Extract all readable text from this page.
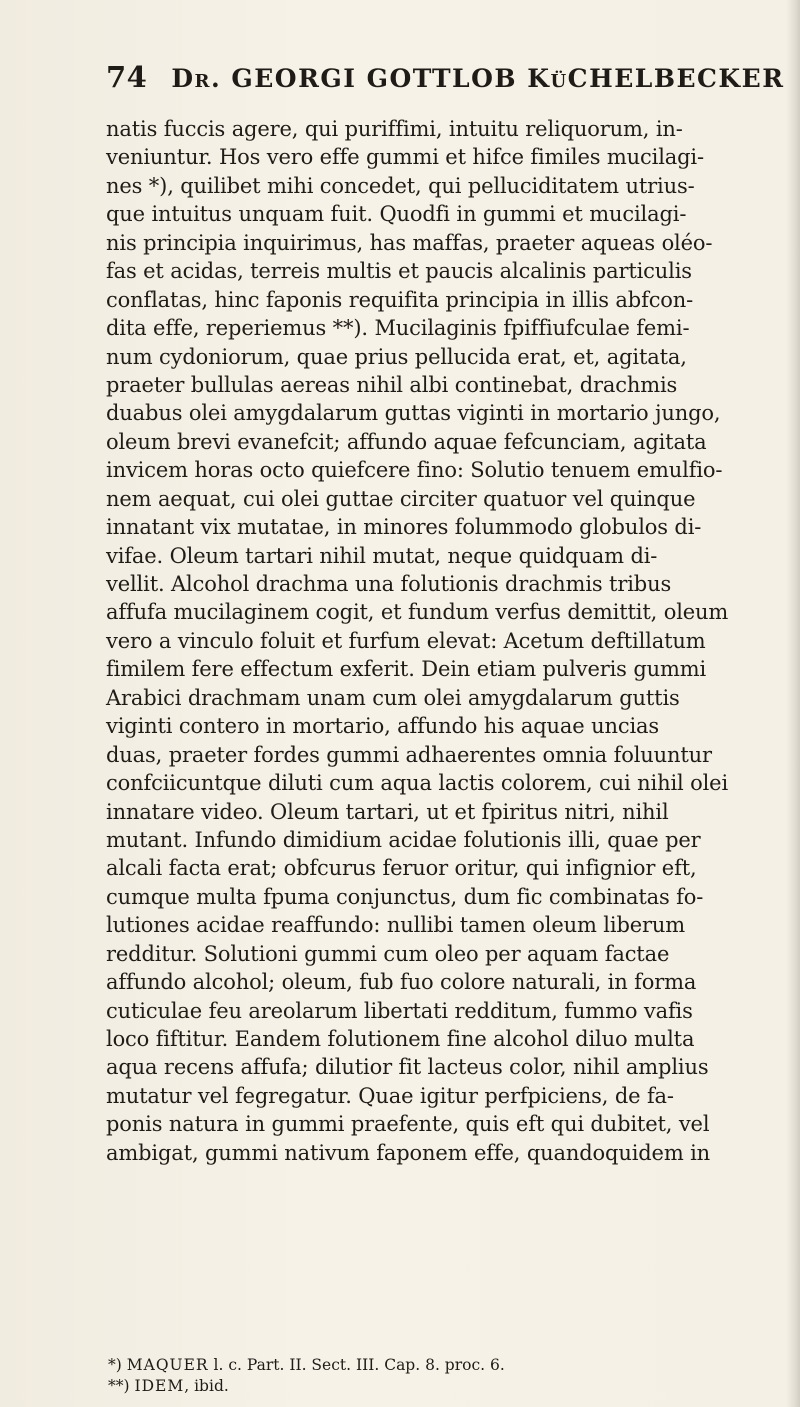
74 Dr. GEORGI GOTTLOB KüCHELBECKER
natis fuccis agere, qui puriffimi, intuitu reliquorum, in-
veniuntur. Hos vero effe gummi et hifce fimiles mucilagi-
nes *), quilibet mihi concedet, qui pelluciditatem utrius-
que intuitus unquam fuit. Quodfi in gummi et mucilagi-
nis principia inquirimus, has maffas, praeter aqueas oléo-
fas et acidas, terreis multis et paucis alcalinis particulis
conflatas, hinc faponis requifita principia in illis abfcon-
dita effe, reperiemus **). Mucilaginis fpiffiufculae femi-
num cydoniorum, quae prius pellucida erat, et, agitata,
praeter bullulas aereas nihil albi continebat, drachmis
duabus olei amygdalarum guttas viginti in mortario jungo,
oleum brevi evanefcit; affundo aquae fefcunciam, agitata
invicem horas octo quiefcere fino: Solutio tenuem emulfio-
nem aequat, cui olei guttae circiter quatuor vel quinque
innatant vix mutatae, in minores folummodo globulos di-
vifae. Oleum tartari nihil mutat, neque quidquam di-
vellit. Alcohol drachma una folutionis drachmis tribus
affufa mucilaginem cogit, et fundum verfus demittit, oleum
vero a vinculo foluit et furfum elevat: Acetum deftillatum
fimilem fere effectum exferit. Dein etiam pulveris gummi
Arabici drachmam unam cum olei amygdalarum guttis
viginti contero in mortario, affundo his aquae uncias
duas, praeter fordes gummi adhaerentes omnia foluuntur
confciicuntque diluti cum aqua lactis colorem, cui nihil olei
innatare video. Oleum tartari, ut et fpiritus nitri, nihil
mutant. Infundo dimidium acidae folutionis illi, quae per
alcali facta erat; obfcurus feruor oritur, qui infignior eft,
cumque multa fpuma conjunctus, dum fic combinatas fo-
lutiones acidae reaffundo: nullibi tamen oleum liberum
redditur. Solutioni gummi cum oleo per aquam factae
affundo alcohol; oleum, fub fuo colore naturali, in forma
cuticulae feu areolarum libertati redditum, fummo vafis
loco fiftitur. Eandem folutionem fine alcohol diluo multa
aqua recens affufa; dilutior fit lacteus color, nihil amplius
mutatur vel fegregatur. Quae igitur perfpiciens, de fa-
ponis natura in gummi praefente, quis eft qui dubitet, vel
ambigat, gummi nativum faponem effe, quandoquidem in
*) MAQUER l. c. Part. II. Sect. III. Cap. 8. proc. 6.
**) IDEM, ibid.
